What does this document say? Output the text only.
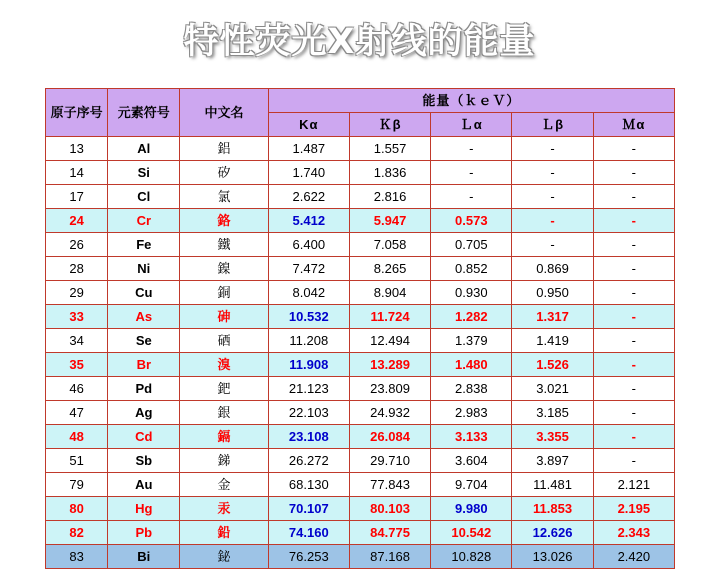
特性荧光X射线的能量
原子序号	元素符号	中文名	能量（ｋｅＶ）				
			Kα	Ｋβ	Ｌα	Ｌβ	Ｍα
13	Al	鋁	1.487	1.557	-	-	-
14	Si	矽	1.740	1.836	-	-	-
17	Cl	氯	2.622	2.816	-	-	-
24	Cr	鉻	5.412	5.947	0.573	-	-
26	Fe	鐵	6.400	7.058	0.705	-	-
28	Ni	鎳	7.472	8.265	0.852	0.869	-
29	Cu	銅	8.042	8.904	0.930	0.950	-
33	As	砷	10.532	11.724	1.282	1.317	-
34	Se	硒	11.208	12.494	1.379	1.419	-
35	Br	溴	11.908	13.289	1.480	1.526	-
46	Pd	鈀	21.123	23.809	2.838	3.021	-
47	Ag	銀	22.103	24.932	2.983	3.185	-
48	Cd	鎘	23.108	26.084	3.133	3.355	-
51	Sb	銻	26.272	29.710	3.604	3.897	-
79	Au	金	68.130	77.843	9.704	11.481	2.121
80	Hg	汞	70.107	80.103	9.980	11.853	2.195
82	Pb	鉛	74.160	84.775	10.542	12.626	2.343
83	Bi	鉍	76.253	87.168	10.828	13.026	2.420
